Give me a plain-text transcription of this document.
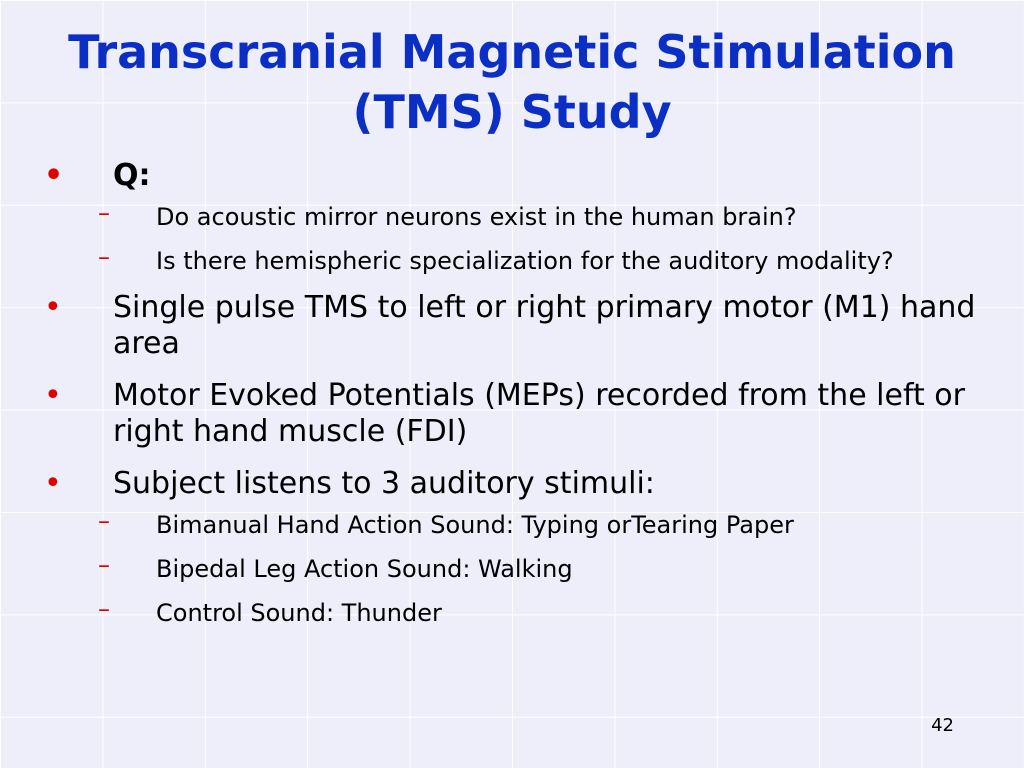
Transcranial Magnetic Stimulation
(TMS) Study
• Q:
– Do acoustic mirror neurons exist in the human brain?
– Is there hemispheric specialization for the auditory modality?
• Single pulse TMS to left or right primary motor (M1) hand area
• Motor Evoked Potentials (MEPs) recorded from the left or right hand muscle (FDI)
• Subject listens to 3 auditory stimuli:
– Bimanual Hand Action Sound: Typing orTearing Paper
– Bipedal Leg Action Sound: Walking
– Control Sound: Thunder
42
